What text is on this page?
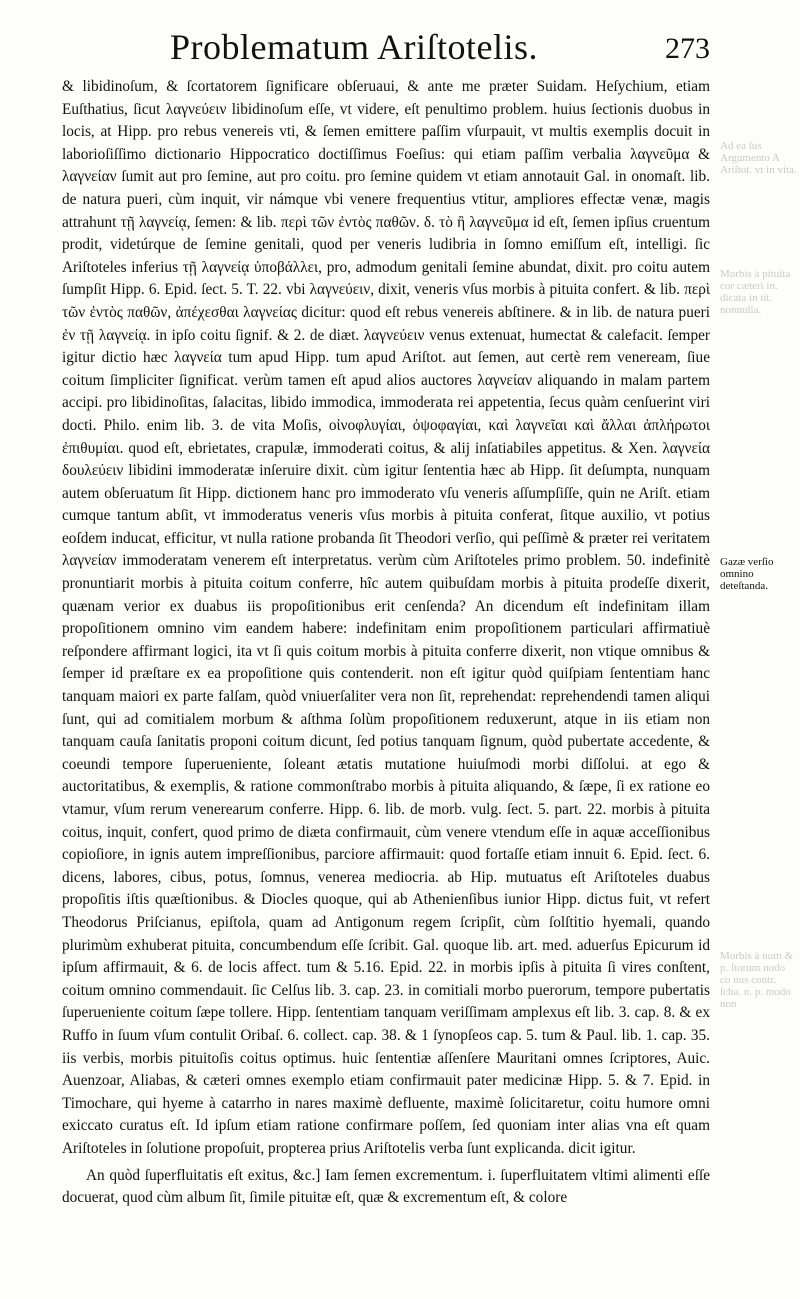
Problematum Ariſtotelis.	273

& libidinoſum, & ſcortatorem ſignificare obſeruaui, & ante me præter Suidam. Heſychium, etiam Euſthatius, ſicut λαγνεύειν libidinoſum eſſe, vt videre, eſt penultimo problem. huius ſectionis duobus in locis, at Hipp. pro rebus venereis vti, & ſemen emittere paſſim vſurpauit, vt multis exemplis docuit in laborioſiſſimo dictionario Hippocratico doctiſſimus Foeſius: qui etiam paſſim verbalia λαγνεῦμα & λαγνείαν ſumit aut pro ſemine, aut pro coitu. pro ſemine quidem vt etiam annotauit Gal. in onomaſt. lib. de natura pueri, cùm inquit, vir námque vbi venere frequentius vtitur, ampliores effectæ venæ, magis attrahunt τῇ λαγνείᾳ, ſemen: & lib. περὶ τῶν ἐντὸς παθῶν. δ. τὸ ἢ λαγνεῦμα id eſt, ſemen ipſius cruentum prodit, videtúrque de ſemine genitali, quod per veneris ludibria in ſomno emiſſum eſt, intelligi. ſic Ariſtoteles inferius τῇ λαγνείᾳ ὑποβάλλει, pro, admodum genitali ſemine abundat, dixit. pro coitu autem ſumpſit Hipp. 6. Epid. ſect. 5. T. 22. vbi λαγνεύειν, dixit, veneris vſus morbis à pituita confert. & lib. περὶ τῶν ἐντὸς παθῶν, ἀπέχεσθαι λαγνείας dicitur: quod eſt rebus venereis abſtinere. & in lib. de natura pueri ἐν τῇ λαγνείᾳ. in ipſo coitu ſignif. & 2. de diæt. λαγνεύειν venus extenuat, humectat & calefacit. ſemper igitur dictio hæc λαγνεία tum apud Hipp. tum apud Ariſtot. aut ſemen, aut certè rem veneream, ſiue coitum ſimpliciter ſignificat. verùm tamen eſt apud alios auctores λαγνείαν aliquando in malam partem accipi. pro libidinoſitas, ſalacitas, libido immodica, immoderata rei appetentia, ſecus quàm cenſuerint viri docti. Philo. enim lib. 3. de vita Moſis, οἰνοφλυγίαι, ὀψοφαγίαι, καὶ λαγνεῖαι καὶ ἄλλαι ἀπλήρωτοι ἐπιθυμίαι. quod eſt, ebrietates, crapulæ, immoderati coitus, & alij inſatiabiles appetitus. & Xen. λαγνεία δουλεύειν libidini immoderatæ inſeruire dixit. cùm igitur ſententia hæc ab Hipp. ſit deſumpta, nunquam autem obſeruatum ſit Hipp. dictionem hanc pro immoderato vſu veneris aſſumpſiſſe, quin ne Ariſt. etiam cumque tantum abſit, vt immoderatus veneris vſus morbis à pituita conferat, ſitque auxilio, vt potius eoſdem inducat, efficitur, vt nulla ratione probanda ſit Theodori verſio, qui peſſimè & præter rei veritatem λαγνείαν immoderatam venerem eſt interpretatus. verùm cùm Ariſtoteles primo problem. 50. indefinitè pronuntiarit morbis à pituita coitum conferre, hîc autem quibuſdam morbis à pituita prodeſſe dixerit, quænam verior ex duabus iis propoſitionibus erit cenſenda? An dicendum eſt indefinitam illam propoſitionem omnino vim eandem habere: indefinitam enim propoſitionem particulari affirmatiuè reſpondere affirmant logici, ita vt ſi quis coitum morbis à pituita conferre dixerit, non vtique omnibus & ſemper id præſtare ex ea propoſitione quis contenderit. non eſt igitur quòd quiſpiam ſententiam hanc tanquam maiori ex parte falſam, quòd vniuerſaliter vera non ſit, reprehendat: reprehendendi tamen aliqui ſunt, qui ad comitialem morbum & aſthma ſolùm propoſitionem reduxerunt, atque in iis etiam non tanquam cauſa ſanitatis proponi coitum dicunt, ſed potius tanquam ſignum, quòd pubertate accedente, & coeundi tempore ſuperueniente, ſoleant ætatis mutatione huiuſmodi morbi diſſolui. at ego & auctoritatibus, & exemplis, & ratione commonſtrabo morbis à pituita aliquando, & ſæpe, ſi ex ratione eo vtamur, vſum rerum venerearum conferre. Hipp. 6. lib. de morb. vulg. ſect. 5. part. 22. morbis à pituita coitus, inquit, confert, quod primo de diæta confirmauit, cùm venere vtendum eſſe in aquæ acceſſionibus copioſiore, in ignis autem impreſſionibus, parciore affirmauit: quod fortaſſe etiam innuit 6. Epid. ſect. 6. dicens, labores, cibus, potus, ſomnus, venerea mediocria. ab Hip. mutuatus eſt Ariſtoteles duabus propoſitis iſtis quæſtionibus. & Diocles quoque, qui ab Athenienſibus iunior Hipp. dictus fuit, vt refert Theodorus Priſcianus, epiſtola, quam ad Antigonum regem ſcripſit, cùm ſolſtitio hyemali, quando plurimùm exhuberat pituita, concumbendum eſſe ſcribit. Gal. quoque lib. art. med. aduerſus Epicurum id ipſum affirmauit, & 6. de locis affect. tum & 5.16. Epid. 22. in morbis ipſis à pituita ſi vires conſtent, coitum omnino commendauit. ſic Celſus lib. 3. cap. 23. in comitiali morbo puerorum, tempore pubertatis ſuperueniente coitum ſæpe tollere. Hipp. ſententiam tanquam veriſſimam amplexus eſt lib. 3. cap. 8. & ex Ruffo in ſuum vſum contulit Oribaſ. 6. collect. cap. 38. & 1 ſynopſeos cap. 5. tum & Paul. lib. 1. cap. 35. iis verbis, morbis pituitoſis coitus optimus. huic ſententiæ aſſenſere Mauritani omnes ſcriptores, Auic. Auenzoar, Aliabas, & cæteri omnes exemplo etiam confirmauit pater medicinæ Hipp. 5. & 7. Epid. in Timochare, qui hyeme à catarrho in nares maximè defluente, maximè ſolicitaretur, coitu humore omni exiccato curatus eſt. Id ipſum etiam ratione confirmare poſſem, ſed quoniam inter alias vna eſt quam Ariſtoteles in ſolutione propoſuit, propterea prius Ariſtotelis verba ſunt explicanda. dicit igitur.

An quòd ſuperfluitatis eſt exitus, &c.] Iam ſemen excrementum. i. ſuperfluitatem vltimi alimenti eſſe docuerat, quod cùm album ſit, ſimile pituitæ eſt, quæ & excrementum eſt, & colore

Ad ea ſus Argumento A Ariſtot. vt in vita.
Morbis à pituita cor cæteri in. dicata in tit. nonnulla.
Gazæ verſio omnino deteſtanda.
Morbis à num & p. ſtorum nodo co nus contr. ſcha. n. p. modo non
